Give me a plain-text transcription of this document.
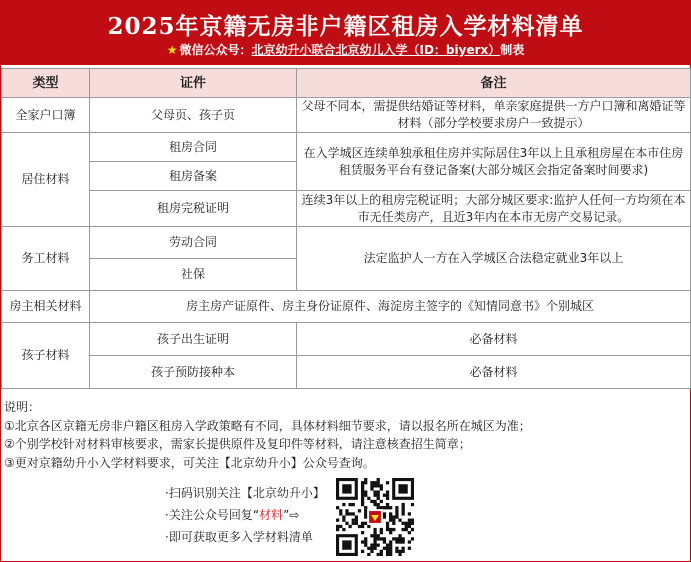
2025年京籍无房非户籍区租房入学材料清单
★ 微信公众号：北京幼升小联合北京幼儿入学（ID：biyerx）制表
类型	证件	备注
全家户口簿	父母页、孩子页	父母不同本，需提供结婚证等材料，单亲家庭提供一方户口簿和离婚证等材料（部分学校要求房户一致提示）
居住材料	租房合同	在入学城区连续单独承租住房并实际居住3年以上且承租房屋在本市住房租赁服务平台有登记备案(大部分城区会指定备案时间要求)
	租房备案	
	租房完税证明	连续3年以上的租房完税证明；大部分城区要求:监护人任何一方均须在本市无任类房产，且近3年内在本市无房产交易记录。
务工材料	劳动合同	法定监护人一方在入学城区合法稳定就业3年以上
	社保	
房主相关材料	房主房产证原件、房主身份证原件、海淀房主签字的《知情同意书》个别城区	
孩子材料	孩子出生证明	必备材料
	孩子预防接种本	必备材料
说明：
①北京各区京籍无房非户籍区租房入学政策略有不同，具体材料细节要求，请以报名所在城区为准；
②个别学校针对材料审核要求，需家长提供原件及复印件等材料，请注意核查招生简章；
③更对京籍幼升小入学材料要求，可关注【北京幼升小】公众号查询。
·扫码识别关注【北京幼升小】
·关注公众号回复“材料”⇨
·即可获取更多入学材料清单
